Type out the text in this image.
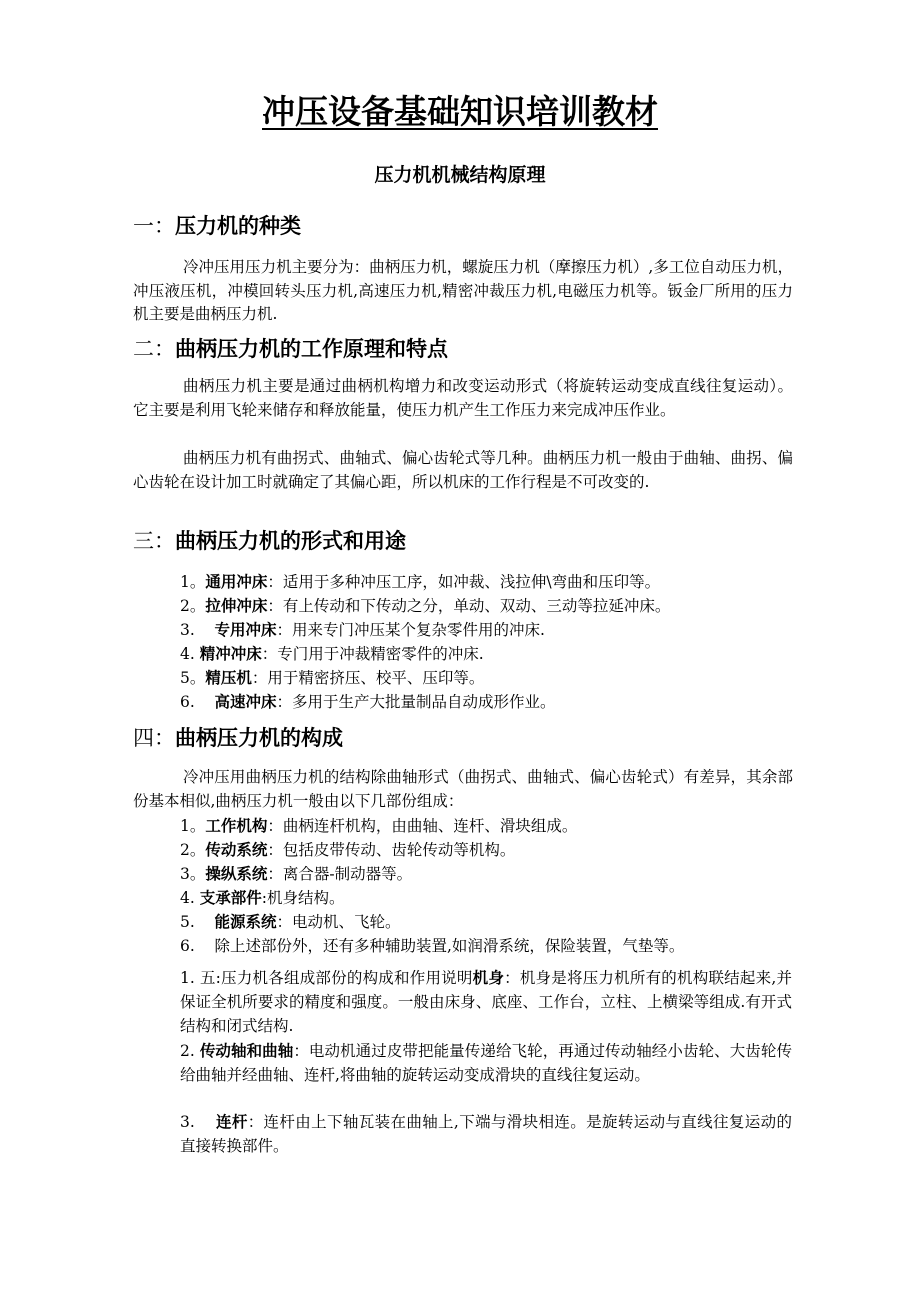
冲压设备基础知识培训教材
压力机机械结构原理
一：压力机的种类
冷冲压用压力机主要分为：曲柄压力机，螺旋压力机（摩擦压力机）,多工位自动压力机，冲压液压机，冲模回转头压力机,高速压力机,精密冲裁压力机,电磁压力机等。钣金厂所用的压力机主要是曲柄压力机.
二：曲柄压力机的工作原理和特点
曲柄压力机主要是通过曲柄机构增力和改变运动形式（将旋转运动变成直线往复运动）。它主要是利用飞轮来储存和释放能量，使压力机产生工作压力来完成冲压作业。
曲柄压力机有曲拐式、曲轴式、偏心齿轮式等几种。曲柄压力机一般由于曲轴、曲拐、偏心齿轮在设计加工时就确定了其偏心距，所以机床的工作行程是不可改变的.
三：曲柄压力机的形式和用途
1。通用冲床：适用于多种冲压工序，如冲裁、浅拉伸\弯曲和压印等。
2。拉伸冲床：有上传动和下传动之分，单动、双动、三动等拉延冲床。
3.    专用冲床：用来专门冲压某个复杂零件用的冲床.
4. 精冲冲床：专门用于冲裁精密零件的冲床.
5。精压机：用于精密挤压、校平、压印等。
6.    高速冲床：多用于生产大批量制品自动成形作业。
四：曲柄压力机的构成
冷冲压用曲柄压力机的结构除曲轴形式（曲拐式、曲轴式、偏心齿轮式）有差异，其余部份基本相似,曲柄压力机一般由以下几部份组成：
1。工作机构：曲柄连杆机构，由曲轴、连杆、滑块组成。
2。传动系统：包括皮带传动、齿轮传动等机构。
3。操纵系统：离合器-制动器等。
4. 支承部件:机身结构。
5.    能源系统：电动机、飞轮。
6.    除上述部份外，还有多种辅助装置,如润滑系统，保险装置，气垫等。
1. 五:压力机各组成部份的构成和作用说明机身：机身是将压力机所有的机构联结起来,并保证全机所要求的精度和强度。一般由床身、底座、工作台，立柱、上横梁等组成.有开式结构和闭式结构.
2. 传动轴和曲轴：电动机通过皮带把能量传递给飞轮，再通过传动轴经小齿轮、大齿轮传给曲轴并经曲轴、连杆,将曲轴的旋转运动变成滑块的直线往复运动。
3.    连杆：连杆由上下轴瓦装在曲轴上,下端与滑块相连。是旋转运动与直线往复运动的直接转换部件。
